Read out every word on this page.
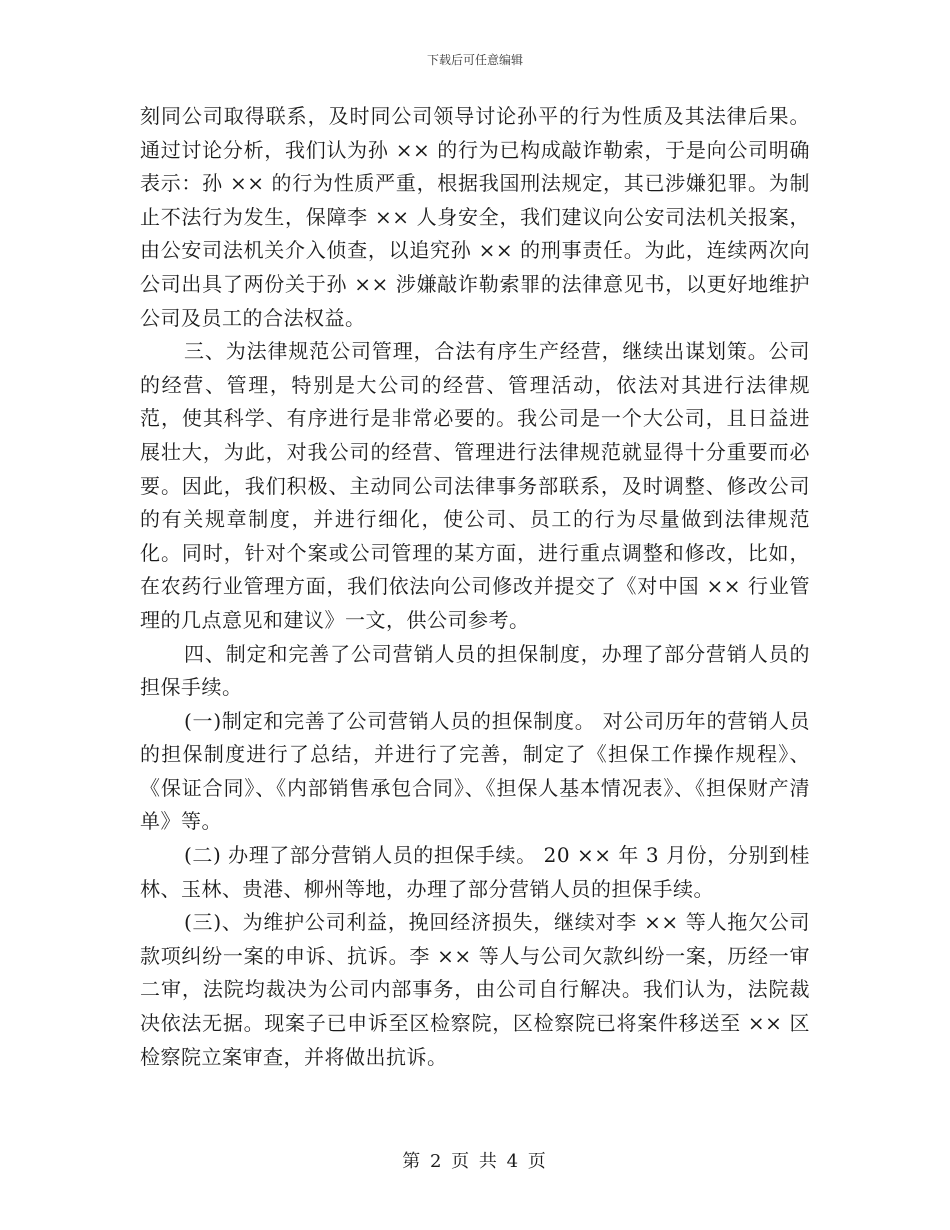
下载后可任意编辑

刻同公司取得联系，及时同公司领导讨论孙平的行为性质及其法律后果。通过讨论分析，我们认为孙 ×× 的行为已构成敲诈勒索，于是向公司明确表示：孙 ×× 的行为性质严重，根据我国刑法规定，其已涉嫌犯罪。为制止不法行为发生，保障李 ×× 人身安全，我们建议向公安司法机关报案，由公安司法机关介入侦查，以追究孙 ×× 的刑事责任。为此，连续两次向公司出具了两份关于孙 ×× 涉嫌敲诈勒索罪的法律意见书，以更好地维护公司及员工的合法权益。

三、为法律规范公司管理，合法有序生产经营，继续出谋划策。公司的经营、管理，特别是大公司的经营、管理活动，依法对其进行法律规范，使其科学、有序进行是非常必要的。我公司是一个大公司，且日益进展壮大，为此，对我公司的经营、管理进行法律规范就显得十分重要而必要。因此，我们积极、主动同公司法律事务部联系，及时调整、修改公司的有关规章制度，并进行细化，使公司、员工的行为尽量做到法律规范化。同时，针对个案或公司管理的某方面，进行重点调整和修改，比如，在农药行业管理方面，我们依法向公司修改并提交了《对中国 ×× 行业管理的几点意见和建议》一文，供公司参考。

四、制定和完善了公司营销人员的担保制度，办理了部分营销人员的担保手续。

(一)制定和完善了公司营销人员的担保制度。 对公司历年的营销人员的担保制度进行了总结，并进行了完善，制定了《担保工作操作规程》、《保证合同》、《内部销售承包合同》、《担保人基本情况表》、《担保财产清单》等。

(二) 办理了部分营销人员的担保手续。 20 ×× 年 3 月份，分别到桂林、玉林、贵港、柳州等地，办理了部分营销人员的担保手续。

(三)、为维护公司利益，挽回经济损失，继续对李 ×× 等人拖欠公司款项纠纷一案的申诉、抗诉。李 ×× 等人与公司欠款纠纷一案，历经一审二审，法院均裁决为公司内部事务，由公司自行解决。我们认为，法院裁决依法无据。现案子已申诉至区检察院，区检察院已将案件移送至 ×× 区检察院立案审查，并将做出抗诉。

第 2 页 共 4 页
